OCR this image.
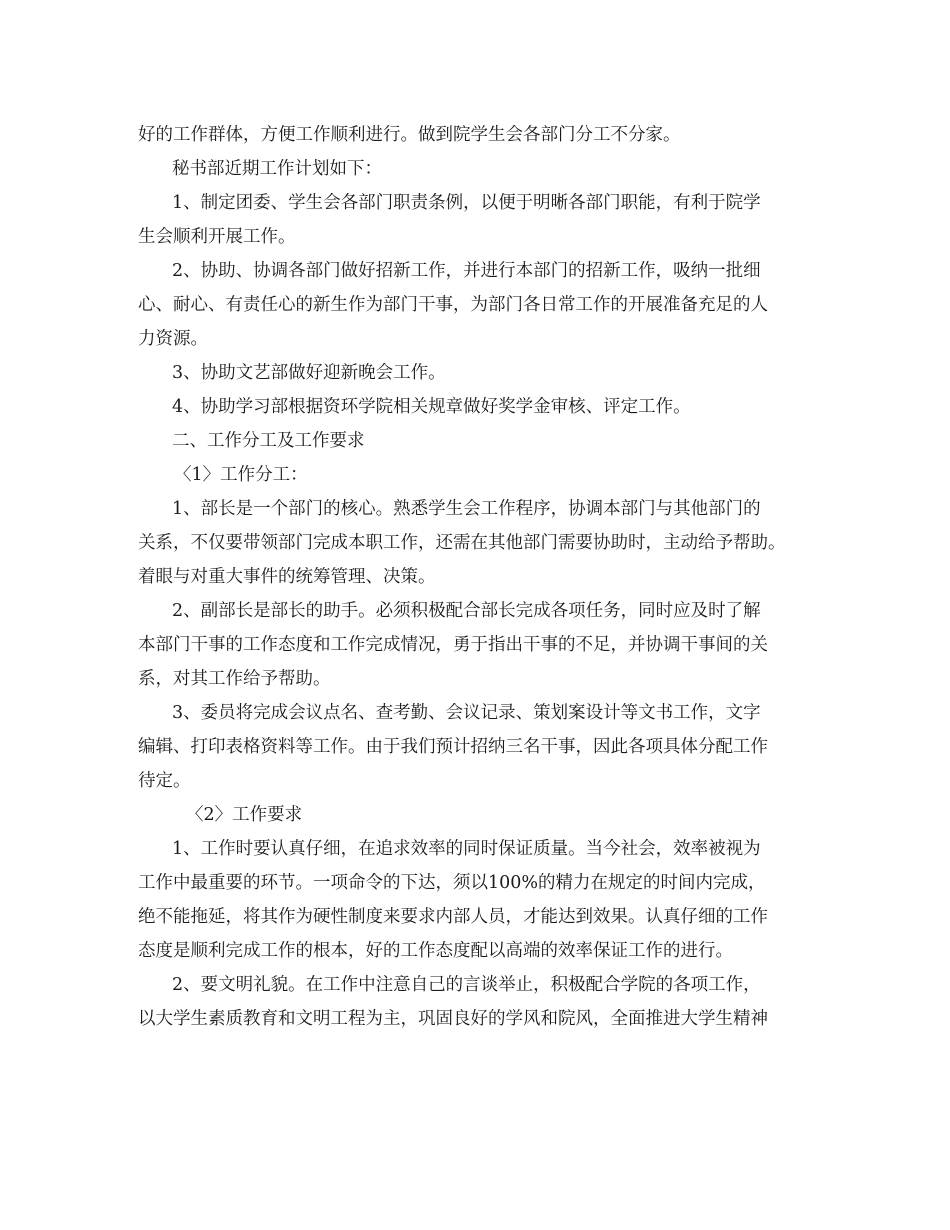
好的工作群体，方便工作顺利进行。做到院学生会各部门分工不分家。
秘书部近期工作计划如下：
1、制定团委、学生会各部门职责条例，以便于明晰各部门职能，有利于院学
生会顺利开展工作。
2、协助、协调各部门做好招新工作，并进行本部门的招新工作，吸纳一批细
心、耐心、有责任心的新生作为部门干事，为部门各日常工作的开展准备充足的人
力资源。
3、协助文艺部做好迎新晚会工作。
4、协助学习部根据资环学院相关规章做好奖学金审核、评定工作。
二、工作分工及工作要求
〈1〉工作分工：
1、部长是一个部门的核心。熟悉学生会工作程序，协调本部门与其他部门的
关系，不仅要带领部门完成本职工作，还需在其他部门需要协助时，主动给予帮助。
着眼与对重大事件的统筹管理、决策。
2、副部长是部长的助手。必须积极配合部长完成各项任务，同时应及时了解
本部门干事的工作态度和工作完成情况，勇于指出干事的不足，并协调干事间的关
系，对其工作给予帮助。
3、委员将完成会议点名、查考勤、会议记录、策划案设计等文书工作，文字
编辑、打印表格资料等工作。由于我们预计招纳三名干事，因此各项具体分配工作
待定。
〈2〉工作要求
1、工作时要认真仔细，在追求效率的同时保证质量。当今社会，效率被视为
工作中最重要的环节。一项命令的下达，须以100%的精力在规定的时间内完成，
绝不能拖延，将其作为硬性制度来要求内部人员，才能达到效果。认真仔细的工作
态度是顺利完成工作的根本，好的工作态度配以高端的效率保证工作的进行。
2、要文明礼貌。在工作中注意自己的言谈举止，积极配合学院的各项工作，
以大学生素质教育和文明工程为主，巩固良好的学风和院风，全面推进大学生精神
